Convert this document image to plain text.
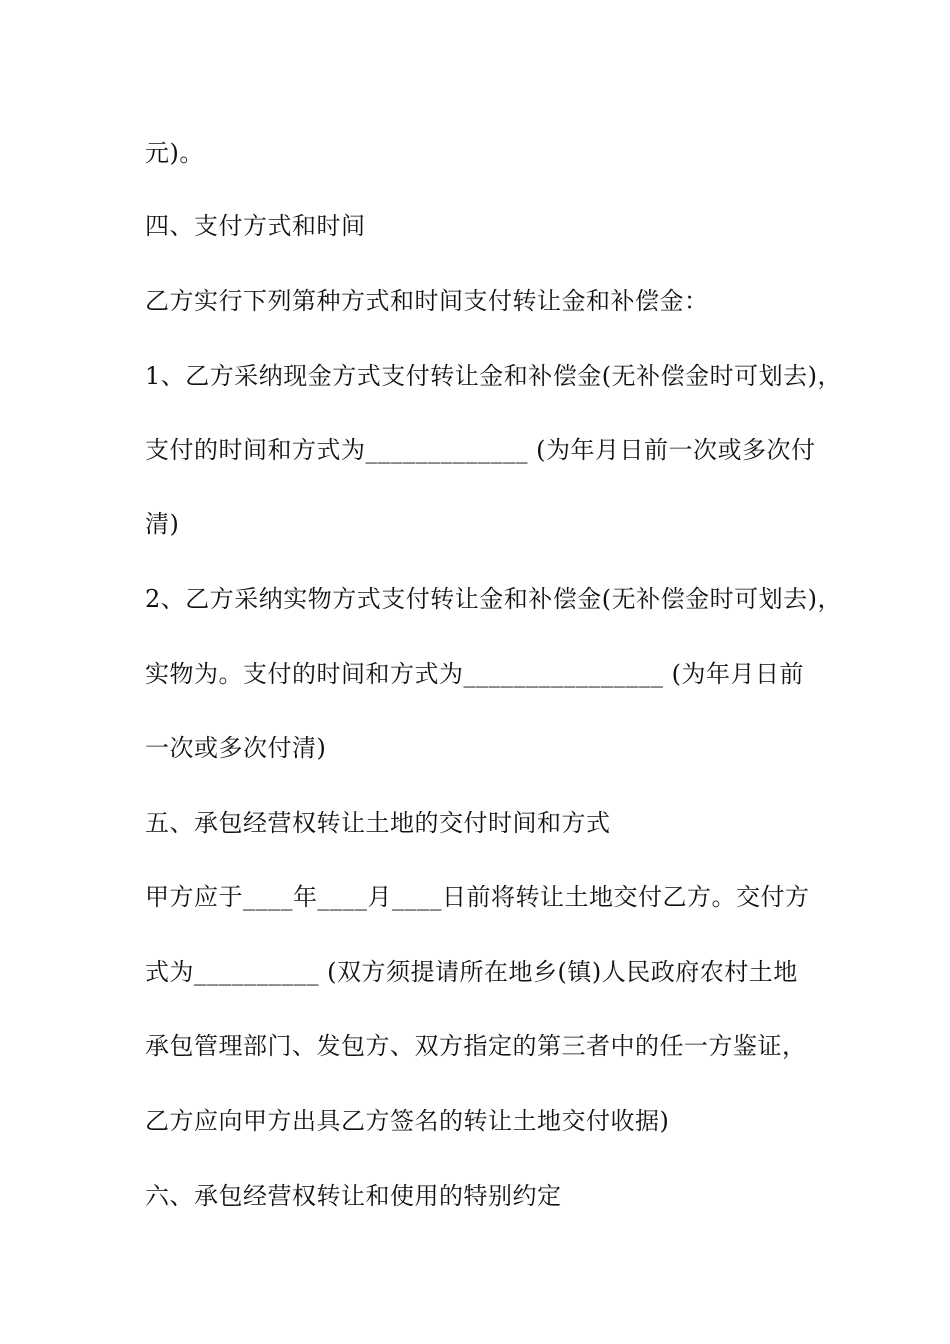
元)。
四、支付方式和时间
乙方实行下列第种方式和时间支付转让金和补偿金：
1、乙方采纳现金方式支付转让金和补偿金(无补偿金时可划去)，
支付的时间和方式为_____________ (为年月日前一次或多次付
清)
2、乙方采纳实物方式支付转让金和补偿金(无补偿金时可划去)，
实物为。支付的时间和方式为________________ (为年月日前
一次或多次付清)
五、承包经营权转让土地的交付时间和方式
甲方应于____年____月____日前将转让土地交付乙方。交付方
式为__________ (双方须提请所在地乡(镇)人民政府农村土地
承包管理部门、发包方、双方指定的第三者中的任一方鉴证，
乙方应向甲方出具乙方签名的转让土地交付收据)
六、承包经营权转让和使用的特别约定
